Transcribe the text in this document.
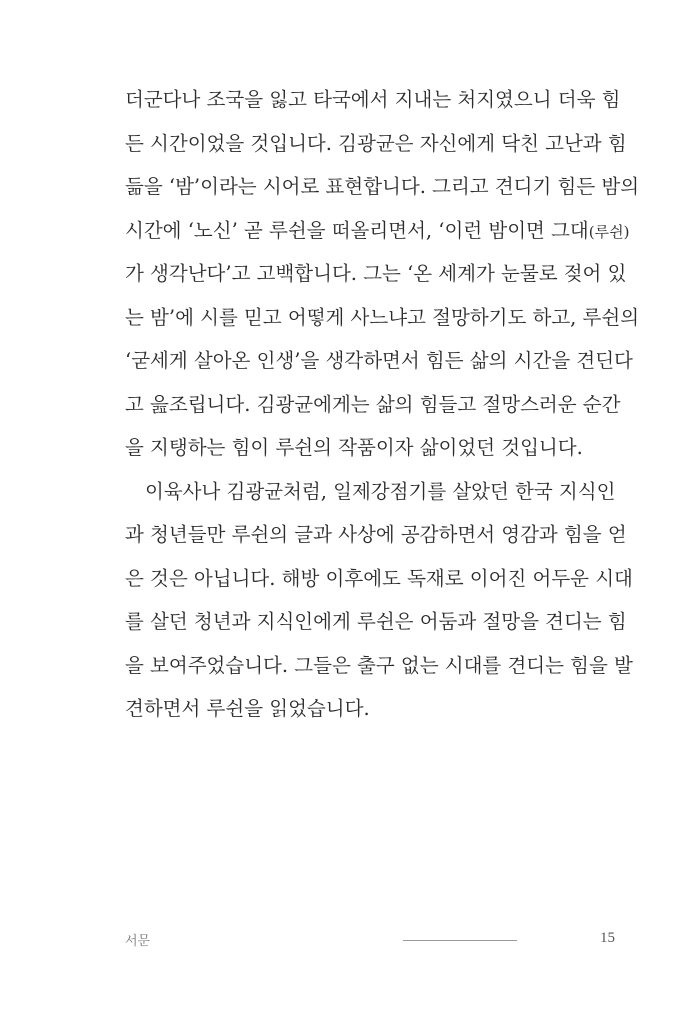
더군다나 조국을 잃고 타국에서 지내는 처지였으니 더욱 힘
든 시간이었을 것입니다. 김광균은 자신에게 닥친 고난과 힘
듦을 ‘밤’이라는 시어로 표현합니다. 그리고 견디기 힘든 밤의
시간에 ‘노신’ 곧 루쉰을 떠올리면서, ‘이런 밤이면 그대(루쉰)
가 생각난다’고 고백합니다. 그는 ‘온 세계가 눈물로 젖어 있
는 밤’에 시를 믿고 어떻게 사느냐고 절망하기도 하고, 루쉰의
‘굳세게 살아온 인생’을 생각하면서 힘든 삶의 시간을 견딘다
고 읊조립니다. 김광균에게는 삶의 힘들고 절망스러운 순간
을 지탱하는 힘이 루쉰의 작품이자 삶이었던 것입니다.
이육사나 김광균처럼, 일제강점기를 살았던 한국 지식인
과 청년들만 루쉰의 글과 사상에 공감하면서 영감과 힘을 얻
은 것은 아닙니다. 해방 이후에도 독재로 이어진 어두운 시대
를 살던 청년과 지식인에게 루쉰은 어둠과 절망을 견디는 힘
을 보여주었습니다. 그들은 출구 없는 시대를 견디는 힘을 발
견하면서 루쉰을 읽었습니다.
서문	15
